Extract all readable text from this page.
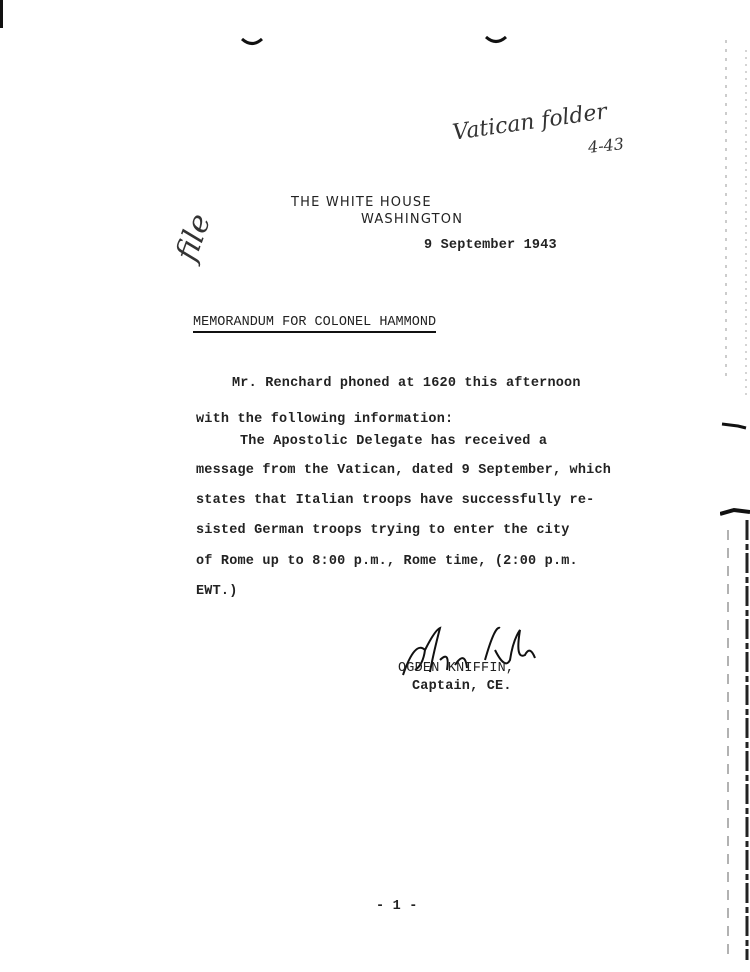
Vatican folder
4-43
file
THE WHITE HOUSE
WASHINGTON
9 September 1943
MEMORANDUM FOR COLONEL HAMMOND
Mr. Renchard phoned at 1620 this afternoon
with the following information:
The Apostolic Delegate has received a
message from the Vatican, dated 9 September, which
states that Italian troops have successfully re-
sisted German troops trying to enter the city
of Rome up to 8:00 p.m., Rome time, (2:00 p.m.
EWT.)
OGDEN KNIFFIN,
Captain, CE.
- 1 -
